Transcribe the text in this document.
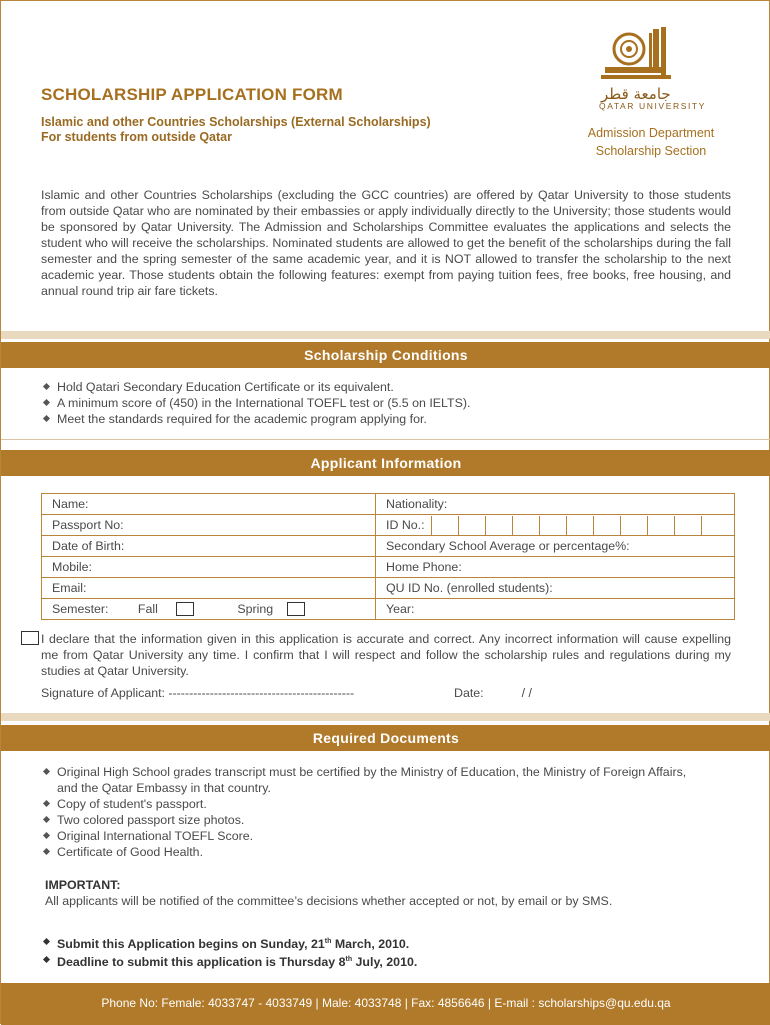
SCHOLARSHIP APPLICATION FORM
Islamic and other Countries Scholarships (External Scholarships)
For students from outside Qatar
جامعة قطر
QATAR UNIVERSITY
Admission Department
Scholarship Section
Islamic and other Countries Scholarships (excluding the GCC countries) are offered by Qatar University to those students from outside Qatar who are nominated by their embassies or apply individually directly to the University; those students would be sponsored by Qatar University. The Admission and Scholarships Committee evaluates the applications and selects the student who will receive the scholarships. Nominated students are allowed to get the benefit of the scholarships during the fall semester and the spring semester of the same academic year, and it is NOT allowed to transfer the scholarship to the next academic year. Those students obtain the following features: exempt from paying tuition fees, free books, free housing, and annual round trip air fare tickets.
Scholarship Conditions
Hold Qatari Secondary Education Certificate or its equivalent.
A minimum score of (450) in the International TOEFL test or (5.5 on IELTS).
Meet the standards required for the academic program applying for.
Applicant Information
Name:	Nationality:
Passport No:	ID No.:
Date of Birth:	Secondary School Average or percentage%:
Mobile:	Home Phone:
Email:	QU ID No. (enrolled students):
Semester: Fall Spring	Year:
I declare that the information given in this application is accurate and correct. Any incorrect information will cause expelling me from Qatar University any time. I confirm that I will respect and follow the scholarship rules and regulations during my studies at Qatar University.
Signature of Applicant: ---------------------------------------------	Date:	/ /
Required Documents
Original High School grades transcript must be certified by the Ministry of Education, the Ministry of Foreign Affairs, and the Qatar Embassy in that country.
Copy of student's passport.
Two colored passport size photos.
Original International TOEFL Score.
Certificate of Good Health.
IMPORTANT:
All applicants will be notified of the committee’s decisions whether accepted or not, by email or by SMS.
Submit this Application begins on Sunday, 21th March, 2010.
Deadline to submit this application is Thursday 8th July, 2010.
Phone No: Female: 4033747 - 4033749 | Male: 4033748 | Fax: 4856646 | E-mail : scholarships@qu.edu.qa
